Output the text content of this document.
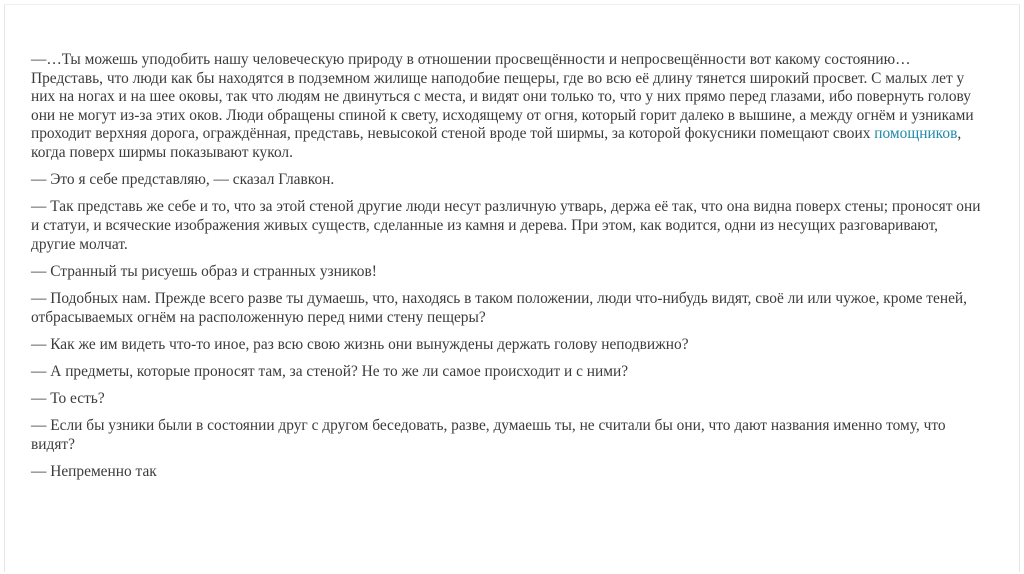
—…Ты можешь уподобить нашу человеческую природу в отношении просвещённости и непросвещённости вот какому состоянию… Представь, что люди как бы находятся в подземном жилище наподобие пещеры, где во всю её длину тянется широкий просвет. С малых лет у них на ногах и на шее оковы, так что людям не двинуться с места, и видят они только то, что у них прямо перед глазами, ибо повернуть голову они не могут из-за этих оков. Люди обращены спиной к свету, исходящему от огня, который горит далеко в вышине, а между огнём и узниками проходит верхняя дорога, ограждённая, представь, невысокой стеной вроде той ширмы, за которой фокусники помещают своих помощников, когда поверх ширмы показывают кукол.

— Это я себе представляю, — сказал Главкон.

— Так представь же себе и то, что за этой стеной другие люди несут различную утварь, держа её так, что она видна поверх стены; проносят они и статуи, и всяческие изображения живых существ, сделанные из камня и дерева. При этом, как водится, одни из несущих разговаривают, другие молчат.

— Странный ты рисуешь образ и странных узников!

— Подобных нам. Прежде всего разве ты думаешь, что, находясь в таком положении, люди что-нибудь видят, своё ли или чужое, кроме теней, отбрасываемых огнём на расположенную перед ними стену пещеры?

— Как же им видеть что-то иное, раз всю свою жизнь они вынуждены держать голову неподвижно?

— А предметы, которые проносят там, за стеной? Не то же ли самое происходит и с ними?

— То есть?

— Если бы узники были в состоянии друг с другом беседовать, разве, думаешь ты, не считали бы они, что дают названия именно тому, что видят?

— Непременно так
